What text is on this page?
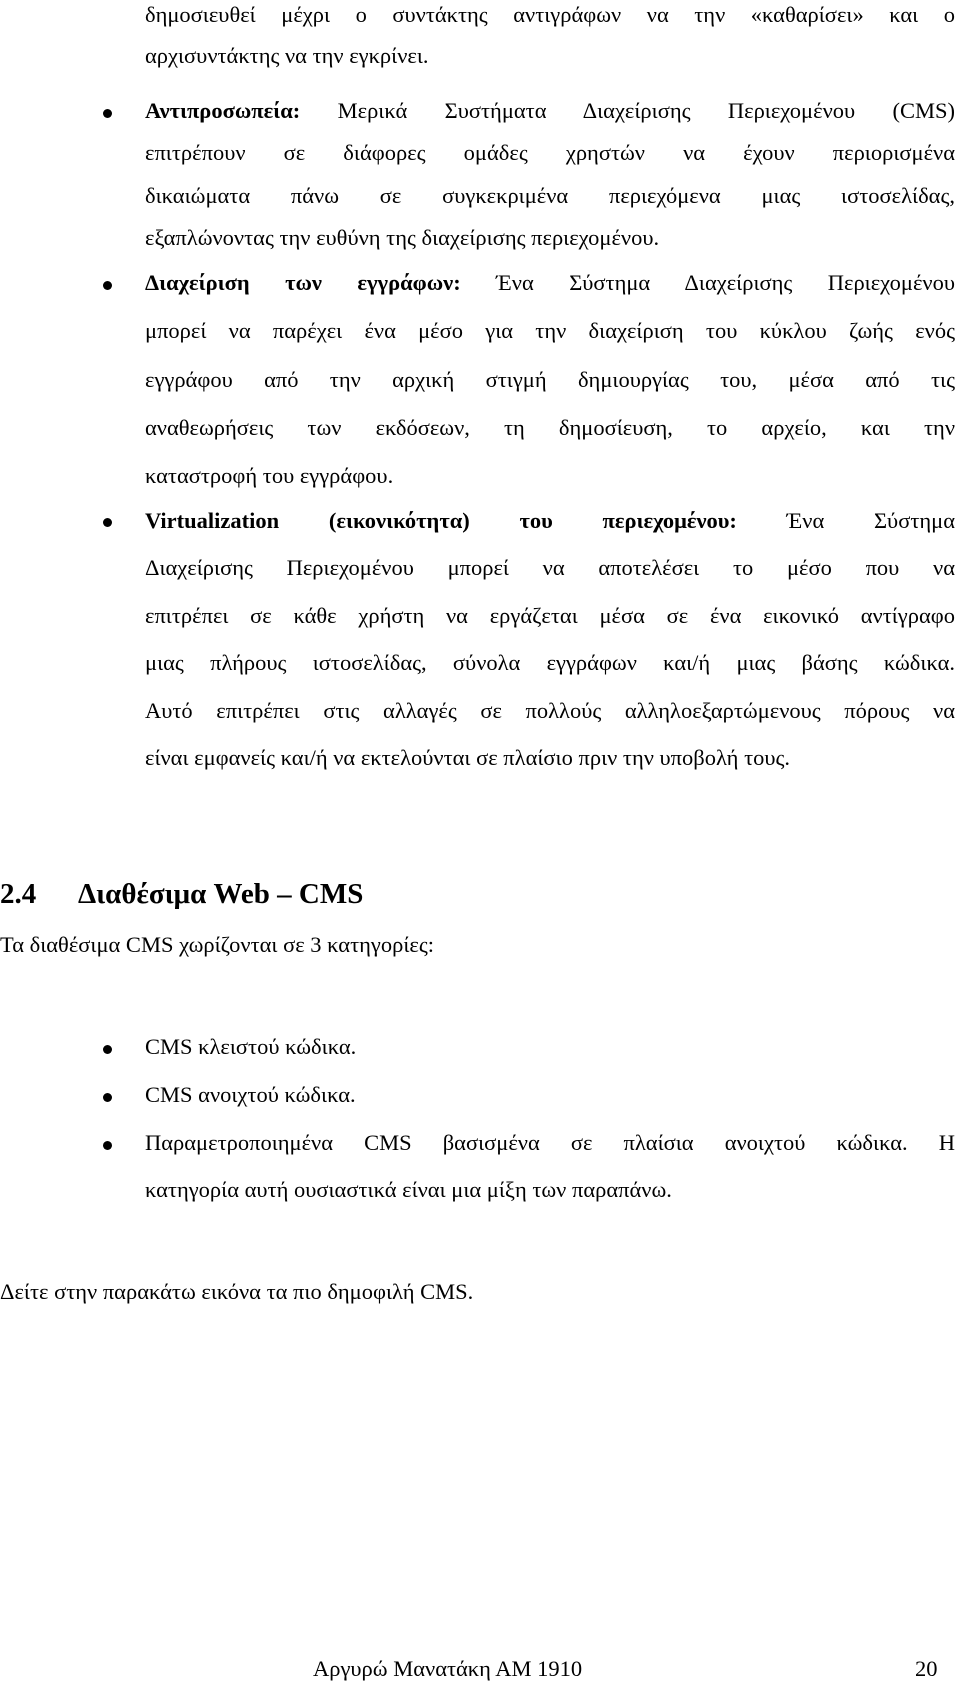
δημοσιευθεί μέχρι ο συντάκτης αντιγράφων να την «καθαρίσει» και ο
αρχισυντάκτης να την εγκρίνει.
Αντιπροσωπεία: Μερικά Συστήματα Διαχείρισης Περιεχομένου (CMS)
επιτρέπουν σε διάφορες ομάδες χρηστών να έχουν περιορισμένα
δικαιώματα πάνω σε συγκεκριμένα περιεχόμενα μιας ιστοσελίδας,
εξαπλώνοντας την ευθύνη της διαχείρισης περιεχομένου.
Διαχείριση των εγγράφων: Ένα Σύστημα Διαχείρισης Περιεχομένου
μπορεί να παρέχει ένα μέσο για την διαχείριση του κύκλου ζωής ενός
εγγράφου από την αρχική στιγμή δημιουργίας του, μέσα από τις
αναθεωρήσεις των εκδόσεων, τη δημοσίευση, το αρχείο, και την
καταστροφή του εγγράφου.
Virtualization (εικονικότητα) του περιεχομένου: Ένα Σύστημα
Διαχείρισης Περιεχομένου μπορεί να αποτελέσει το μέσο που να
επιτρέπει σε κάθε χρήστη να εργάζεται μέσα σε ένα εικονικό αντίγραφο
μιας πλήρους ιστοσελίδας, σύνολα εγγράφων και/ή μιας βάσης κώδικα.
Αυτό επιτρέπει στις αλλαγές σε πολλούς αλληλοεξαρτώμενους πόρους να
είναι εμφανείς και/ή να εκτελούνται σε πλαίσιο πριν την υποβολή τους.
2.4 Διαθέσιμα Web – CMS
Τα διαθέσιμα CMS χωρίζονται σε 3 κατηγορίες:
CMS κλειστού κώδικα.
CMS ανοιχτού κώδικα.
Παραμετροποιημένα CMS βασισμένα σε πλαίσια ανοιχτού κώδικα. Η
κατηγορία αυτή ουσιαστικά είναι μια μίξη των παραπάνω.
Δείτε στην παρακάτω εικόνα τα πιο δημοφιλή CMS.
Αργυρώ Μανατάκη ΑΜ 1910	20
